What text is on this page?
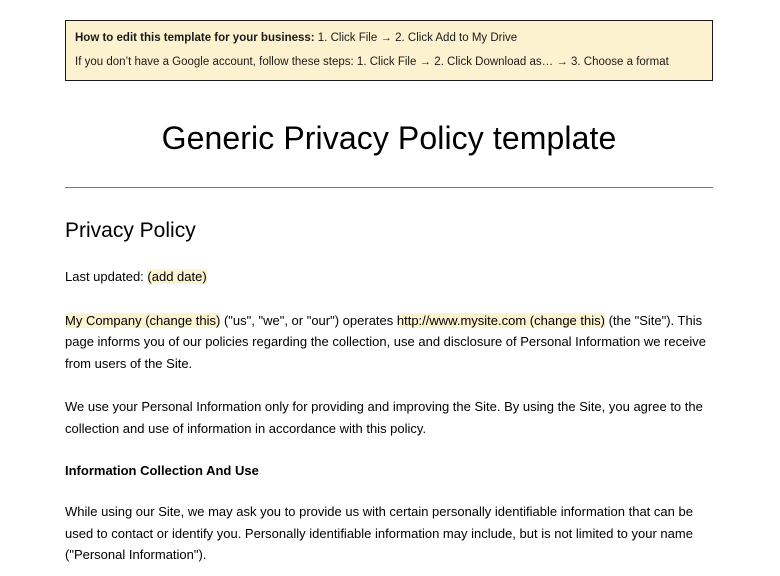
How to edit this template for your business: 1. Click File → 2. Click Add to My Drive
If you don’t have a Google account, follow these steps: 1. Click File → 2. Click Download as… → 3. Choose a format
Generic Privacy Policy template
Privacy Policy

Last updated: (add date)

My Company (change this) ("us", "we", or "our") operates http://www.mysite.com (change this) (the "Site"). This page informs you of our policies regarding the collection, use and disclosure of Personal Information we receive from users of the Site.

We use your Personal Information only for providing and improving the Site. By using the Site, you agree to the collection and use of information in accordance with this policy.

Information Collection And Use

While using our Site, we may ask you to provide us with certain personally identifiable information that can be used to contact or identify you. Personally identifiable information may include, but is not limited to your name ("Personal Information").
